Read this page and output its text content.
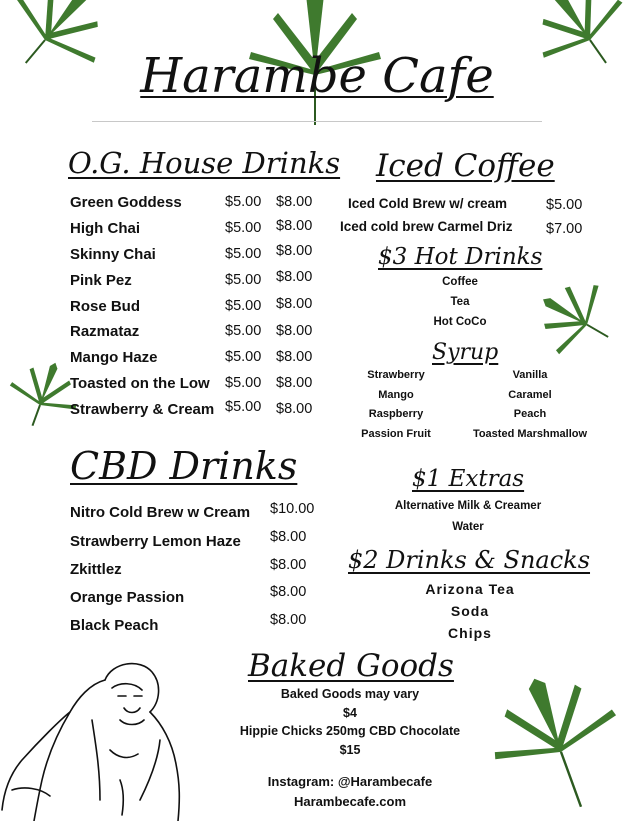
Harambe Cafe
O.G. House Drinks
Green Goddess	$5.00 $8.00
High Chai	$5.00 $8.00
Skinny Chai	$5.00 $8.00
Pink Pez	$5.00 $8.00
Rose Bud	$5.00 $8.00
Razmataz	$5.00 $8.00
Mango Haze	$5.00 $8.00
Toasted on the Low $5.00 $8.00
Strawberry & Cream $5.00 $8.00
CBD Drinks
Nitro Cold Brew w Cream $10.00
Strawberry Lemon Haze $8.00
Zkittlez	$8.00
Orange Passion	$8.00
Black Peach	$8.00
Iced Coffee
Iced Cold Brew w/ cream	$5.00
Iced cold brew Carmel Driz $7.00
$3 Hot Drinks
Coffee
Tea
Hot CoCo
Syrup
Strawberry
Mango
Raspberry
Passion Fruit
Vanilla
Caramel
Peach
Toasted Marshmallow
$1 Extras
Alternative Milk & Creamer
Water
$2 Drinks & Snacks
Arizona Tea
Soda
Chips
Baked Goods
Baked Goods may vary
$4
Hippie Chicks 250mg CBD Chocolate
$15
Instagram: @Harambecafe
Harambecafe.com
